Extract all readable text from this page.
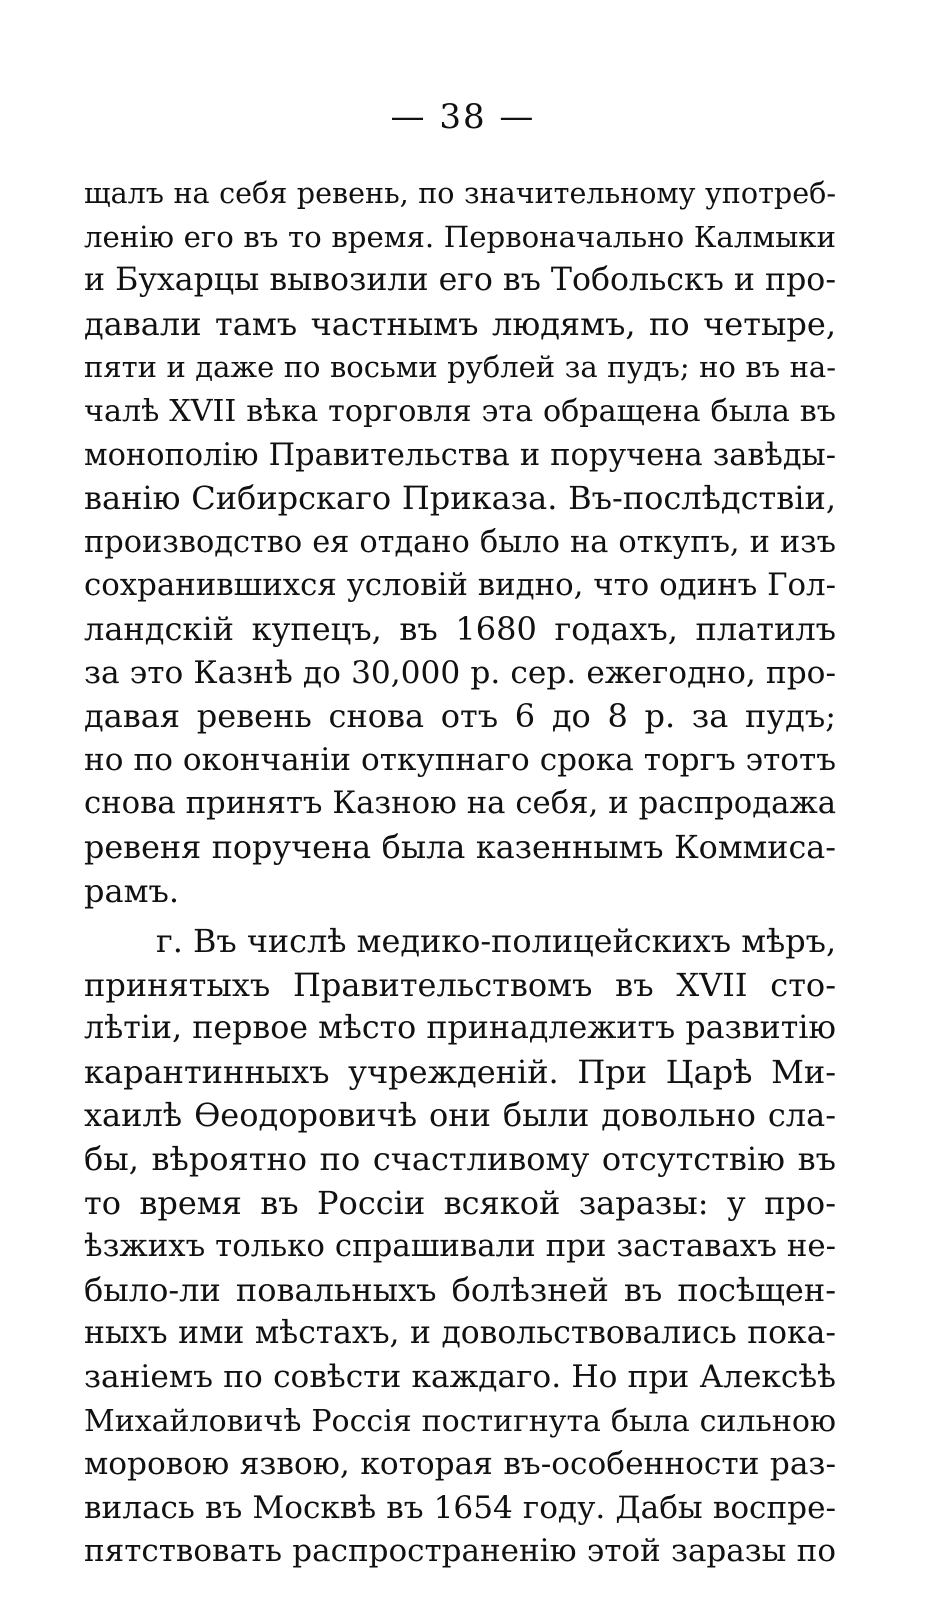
— 38 —
щалъ на себя ревень, по значительному употреб-
ленію его въ то время. Первоначально Калмыки
и Бухарцы вывозили его въ Тобольскъ и про-
давали тамъ частнымъ людямъ, по четыре,
пяти и даже по восьми рублей за пудъ; но въ на-
чалѣ XVII вѣка торговля эта обращена была въ
монополію Правительства и поручена завѣды-
ванію Сибирскаго Приказа. Въ-послѣдствіи,
производство ея отдано было на откупъ, и изъ
сохранившихся условій видно, что одинъ Гол-
ландскій купецъ, въ 1680 годахъ, платилъ
за это Казнѣ до 30,000 р. сер. ежегодно, про-
давая ревень снова отъ 6 до 8 р. за пудъ;
но по окончаніи откупнаго срока торгъ этотъ
снова принятъ Казною на себя, и распродажа
ревеня поручена была казеннымъ Коммиса-
рамъ.
г. Въ числѣ медико-полицейскихъ мѣръ,
принятыхъ Правительствомъ въ XVII сто-
лѣтіи, первое мѣсто принадлежитъ развитію
карантинныхъ учрежденій. При Царѣ Ми-
хаилѣ Ѳеодоровичѣ они были довольно сла-
бы, вѣроятно по счастливому отсутствію въ
то время въ Россіи всякой заразы: у про-
ѣзжихъ только спрашивали при заставахъ не-
было-ли повальныхъ болѣзней въ посѣщен-
ныхъ ими мѣстахъ, и довольствовались пока-
заніемъ по совѣсти каждаго. Но при Алексѣѣ
Михайловичѣ Россія постигнута была сильною
моровою язвою, которая въ-особенности раз-
вилась въ Москвѣ въ 1654 году. Дабы воспре-
пятствовать распространенію этой заразы по
